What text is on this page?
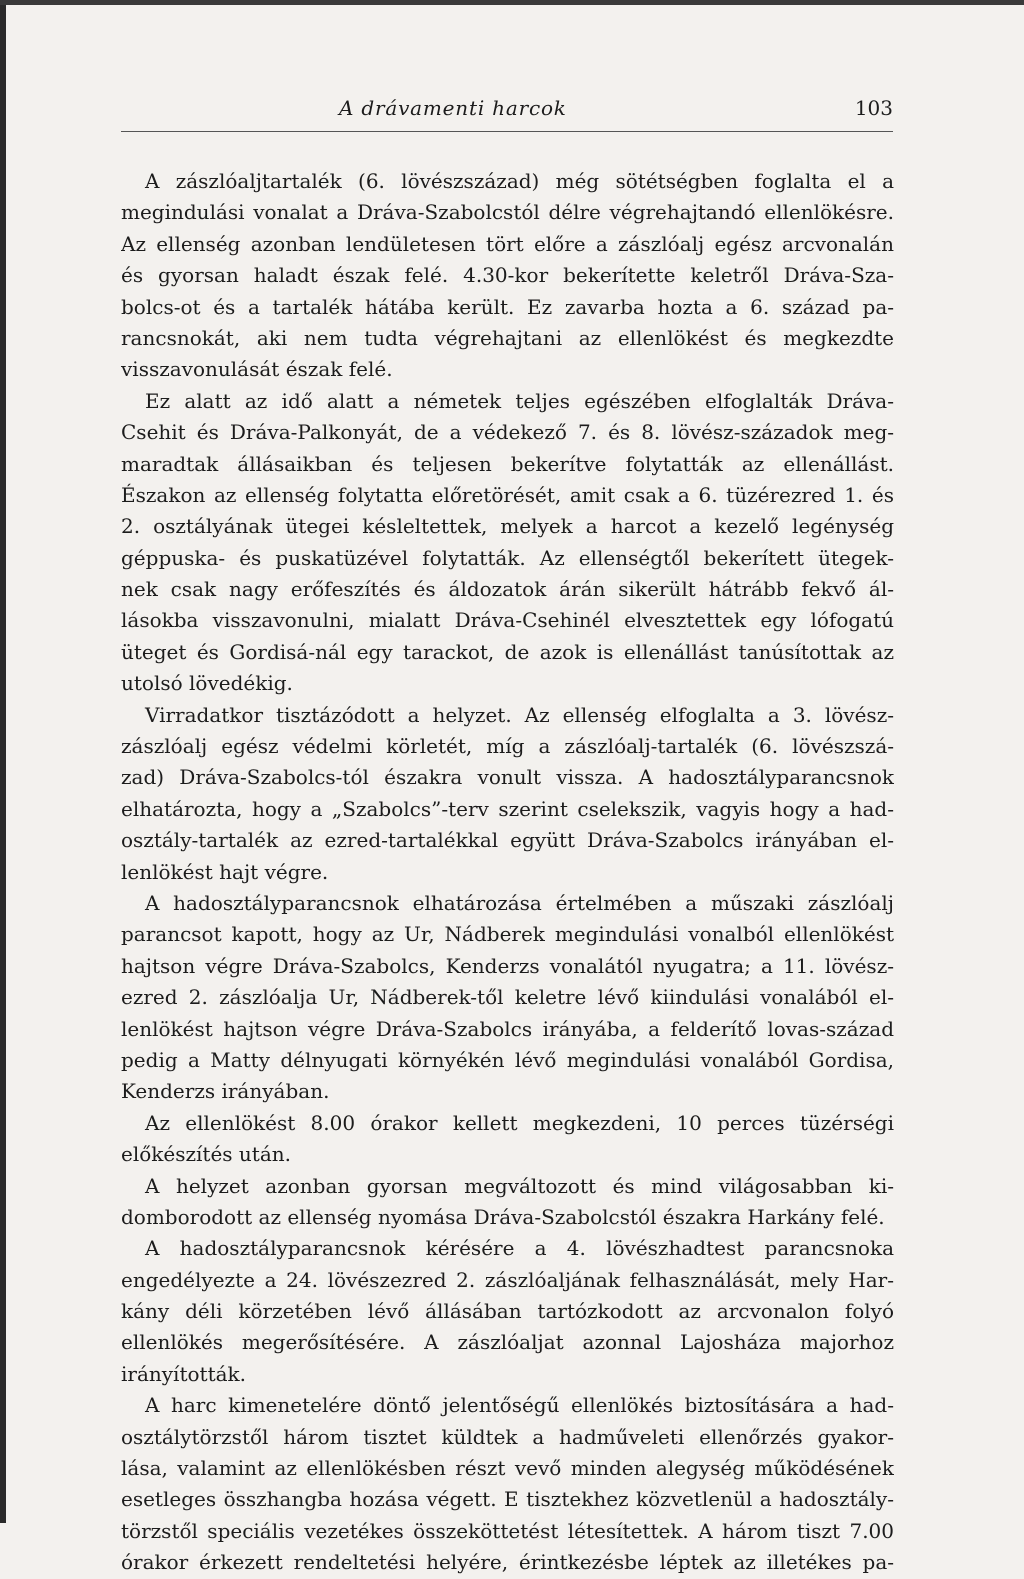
A drávamenti harcok	103
A zászlóaljtartalék (6. lövészszázad) még sötétségben foglalta el a
megindulási vonalat a Dráva-Szabolcstól délre végrehajtandó ellenlökésre.
Az ellenség azonban lendületesen tört előre a zászlóalj egész arcvonalán
és gyorsan haladt észak felé. 4.30-kor bekerítette keletről Dráva-Sza-
bolcs-ot és a tartalék hátába került. Ez zavarba hozta a 6. század pa-
rancsnokát, aki nem tudta végrehajtani az ellenlökést és megkezdte
visszavonulását észak felé.
Ez alatt az idő alatt a németek teljes egészében elfoglalták Dráva-
Csehit és Dráva-Palkonyát, de a védekező 7. és 8. lövész-századok meg-
maradtak állásaikban és teljesen bekerítve folytatták az ellenállást.
Északon az ellenség folytatta előretörését, amit csak a 6. tüzérezred 1. és
2. osztályának ütegei késleltettek, melyek a harcot a kezelő legénység
géppuska- és puskatüzével folytatták. Az ellenségtől bekerített ütegek-
nek csak nagy erőfeszítés és áldozatok árán sikerült hátrább fekvő ál-
lásokba visszavonulni, mialatt Dráva-Csehinél elvesztettek egy lófogatú
üteget és Gordisá-nál egy tarackot, de azok is ellenállást tanúsítottak az
utolsó lövedékig.
Virradatkor tisztázódott a helyzet. Az ellenség elfoglalta a 3. lövész-
zászlóalj egész védelmi körletét, míg a zászlóalj-tartalék (6. lövészszá-
zad) Dráva-Szabolcs-tól északra vonult vissza. A hadosztályparancsnok
elhatározta, hogy a „Szabolcs”-terv szerint cselekszik, vagyis hogy a had-
osztály-tartalék az ezred-tartalékkal együtt Dráva-Szabolcs irányában el-
lenlökést hajt végre.
A hadosztályparancsnok elhatározása értelmében a műszaki zászlóalj
parancsot kapott, hogy az Ur, Nádberek megindulási vonalból ellenlökést
hajtson végre Dráva-Szabolcs, Kenderzs vonalától nyugatra; a 11. lövész-
ezred 2. zászlóalja Ur, Nádberek-től keletre lévő kiindulási vonalából el-
lenlökést hajtson végre Dráva-Szabolcs irányába, a felderítő lovas-század
pedig a Matty délnyugati környékén lévő megindulási vonalából Gordisa,
Kenderzs irányában.
Az ellenlökést 8.00 órakor kellett megkezdeni, 10 perces tüzérségi
előkészítés után.
A helyzet azonban gyorsan megváltozott és mind világosabban ki-
domborodott az ellenség nyomása Dráva-Szabolcstól északra Harkány felé.
A hadosztályparancsnok kérésére a 4. lövészhadtest parancsnoka
engedélyezte a 24. lövészezred 2. zászlóaljának felhasználását, mely Har-
kány déli körzetében lévő állásában tartózkodott az arcvonalon folyó
ellenlökés megerősítésére. A zászlóaljat azonnal Lajosháza majorhoz
irányították.
A harc kimenetelére döntő jelentőségű ellenlökés biztosítására a had-
osztálytörzstől három tisztet küldtek a hadműveleti ellenőrzés gyakor-
lása, valamint az ellenlökésben részt vevő minden alegység működésének
esetleges összhangba hozása végett. E tisztekhez közvetlenül a hadosztály-
törzstől speciális vezetékes összeköttetést létesítettek. A három tiszt 7.00
órakor érkezett rendeltetési helyére, érintkezésbe léptek az illetékes pa-
